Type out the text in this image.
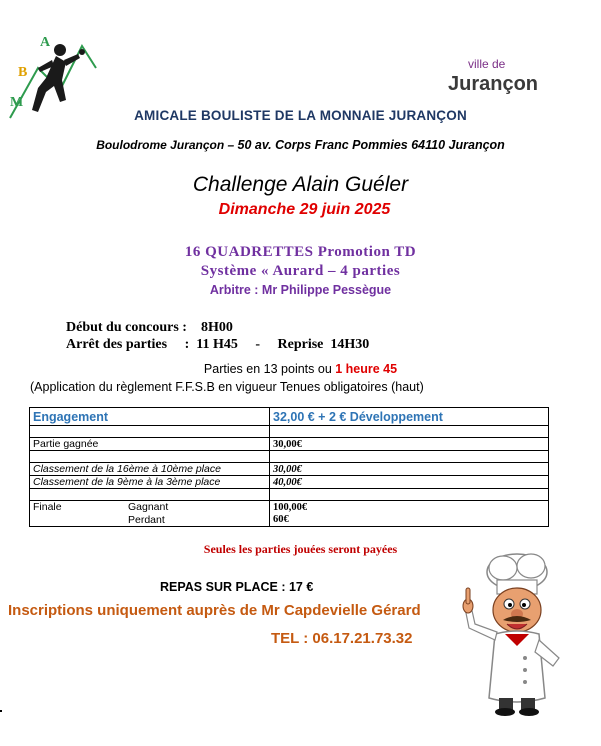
A
B
M
ville de
Jurançon
AMICALE BOULISTE DE LA MONNAIE JURANÇON
Boulodrome Jurançon – 50 av. Corps Franc Pommies 64110 Jurançon
Challenge Alain Guéler
Dimanche 29 juin 2025
16 QUADRETTES Promotion TD
Système « Aurard – 4 parties
Arbitre : Mr Philippe Pessègue
Début du concours :    8H00
Arrêt des parties     :  11 H45     -     Reprise  14H30
Parties en 13 points ou 1 heure 45
(Application du règlement F.F.S.B en vigueur Tenues obligatoires (haut)
Engagement	32,00 € + 2 € Développement

Partie gagnée	30,00€

Classement de la 16ème à 10ème place	30,00€
Classement de la 9ème à la 3ème place	40,00€

Finale Gagnant	100,00€

Perdant	60€
Seules les parties jouées seront payées
REPAS SUR PLACE : 17 €
Inscriptions uniquement auprès de Mr Capdevielle Gérard
TEL : 06.17.21.73.32
